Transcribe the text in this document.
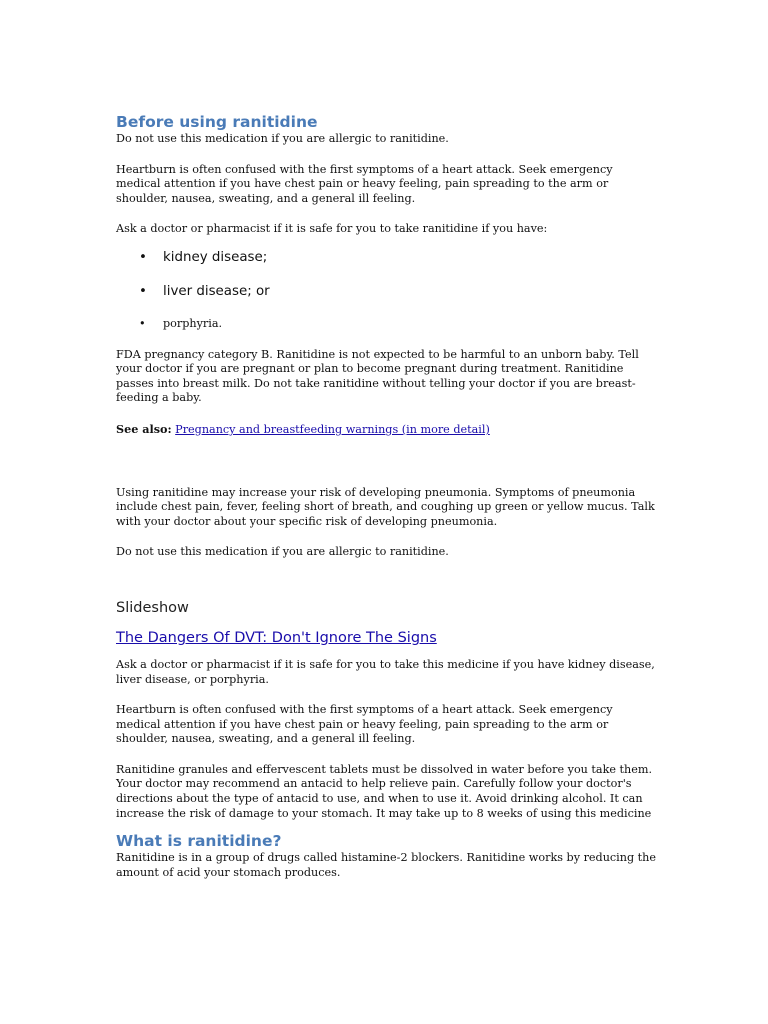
Before using ranitidine

Do not use this medication if you are allergic to ranitidine.

Heartburn is often confused with the first symptoms of a heart attack. Seek emergency medical attention if you have chest pain or heavy feeling, pain spreading to the arm or shoulder, nausea, sweating, and a general ill feeling.

Ask a doctor or pharmacist if it is safe for you to take ranitidine if you have:

• kidney disease;
• liver disease; or
• porphyria.

FDA pregnancy category B. Ranitidine is not expected to be harmful to an unborn baby. Tell your doctor if you are pregnant or plan to become pregnant during treatment. Ranitidine passes into breast milk. Do not take ranitidine without telling your doctor if you are breast-feeding a baby.

See also: Pregnancy and breastfeeding warnings (in more detail)

Using ranitidine may increase your risk of developing pneumonia. Symptoms of pneumonia include chest pain, fever, feeling short of breath, and coughing up green or yellow mucus. Talk with your doctor about your specific risk of developing pneumonia.

Do not use this medication if you are allergic to ranitidine.

Slideshow
The Dangers Of DVT: Don't Ignore The Signs

Ask a doctor or pharmacist if it is safe for you to take this medicine if you have kidney disease, liver disease, or porphyria.

Heartburn is often confused with the first symptoms of a heart attack. Seek emergency medical attention if you have chest pain or heavy feeling, pain spreading to the arm or shoulder, nausea, sweating, and a general ill feeling.

Ranitidine granules and effervescent tablets must be dissolved in water before you take them. Your doctor may recommend an antacid to help relieve pain. Carefully follow your doctor's directions about the type of antacid to use, and when to use it. Avoid drinking alcohol. It can increase the risk of damage to your stomach. It may take up to 8 weeks of using this medicine

What is ranitidine?

Ranitidine is in a group of drugs called histamine-2 blockers. Ranitidine works by reducing the amount of acid your stomach produces.
